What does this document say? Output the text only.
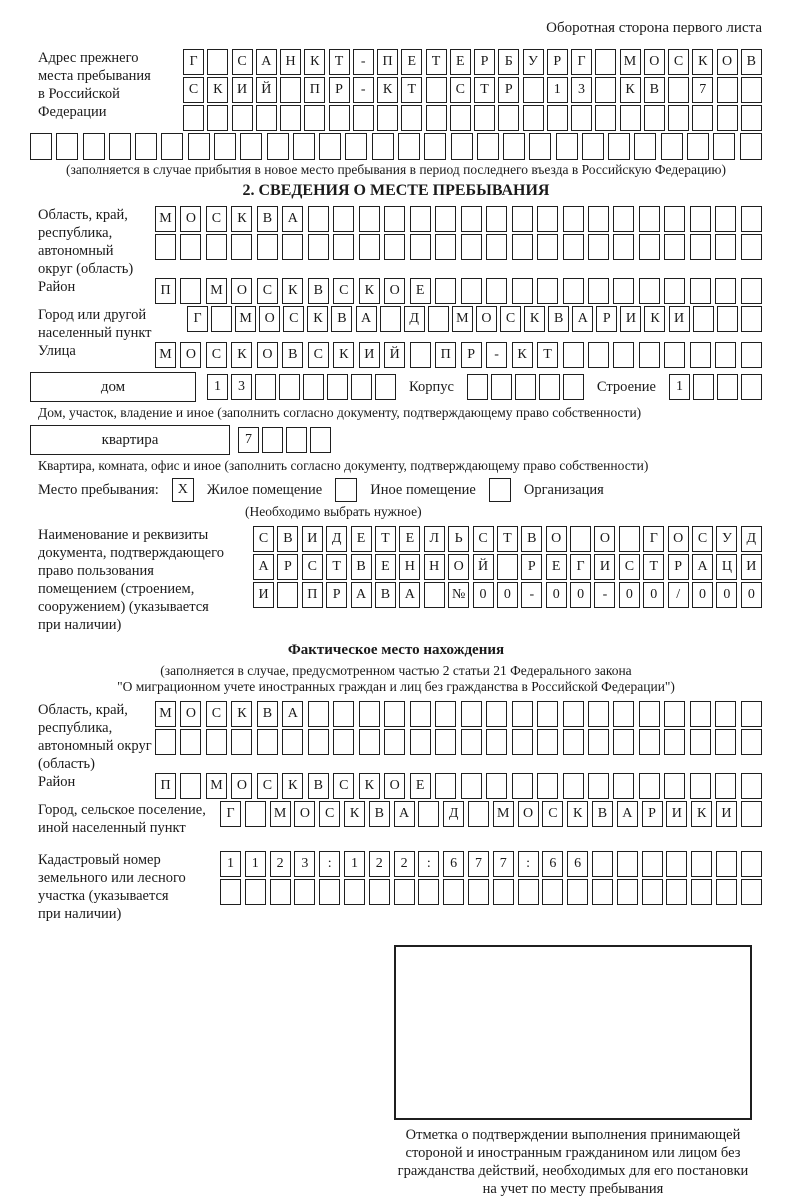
Оборотная сторона первого листа
Адрес прежнего
места пребывания
в Российской
Федерации
Г	С	А	Н	К	Т	-	П	Е	Т	Е	Р	Б	У	Р	Г	М О	С	К	О	В
С	К	И	Й	П	Р	-	К	Т	С	Т	Р	1	3	К	В	7
(заполняется в случае прибытия в новое место пребывания в период последнего въезда в Российскую Федерацию)
2. СВЕДЕНИЯ О МЕСТЕ ПРЕБЫВАНИЯ
Область, край,
республика,
автономный
округ (область)
М	О	С	К	В	А
Район	П	М	О	С	К	В	С	К	О	Е
Город или другой
населенный пункт
Г	М О	С	К	В	А	Д	М О	С	К	В	А	Р	И	К	И
Улица	М	О	С	К	О	В	С	К	И	Й	П	Р	-	К	Т
дом	1	3	Корпус	Строение	1
Дом, участок, владение и иное (заполнить согласно документу, подтверждающему право собственности)
квартира	7
Квартира, комната, офис и иное (заполнить согласно документу, подтверждающему право собственности)
Место пребывания:	X	Жилое помещение	Иное помещение	Организация
(Необходимо выбрать нужное)
Наименование и реквизиты
документа, подтверждающего
право пользования
помещением (строением,
сооружением) (указывается
при наличии)
С	В	И	Д	Е	Т	Е	Л	Ь	С	Т	В	О	О	Г	О	С	У	Д
А	Р	С	Т	В	Е	Н	Н	О	Й	Р	Е	Г	И	С	Т	Р	А	Ц	И
И	П	Р	А	В	А	№	0	0	-	0	0	-	0	0	/	0	0	0
Фактическое место нахождения
(заполняется в случае, предусмотренном частью 2 статьи 21 Федерального закона
"О миграционном учете иностранных граждан и лиц без гражданства в Российской Федерации")
Область, край,
республика,
автономный округ
(область)
М	О	С	К	В	А
Район	П	М	О	С	К	В	С	К	О	Е
Город, сельское поселение,
иной населенный пункт
Г	М О	С	К	В	А	Д	М О	С	К	В	А	Р	И	К	И
Кадастровый номер
земельного или лесного
участка (указывается
при наличии)
1	1	2	3	:	1	2	2	:	6	7	7	:	6	6
Отметка о подтверждении выполнения принимающей
стороной и иностранным гражданином или лицом без
гражданства действий, необходимых для его постановки
на учет по месту пребывания
